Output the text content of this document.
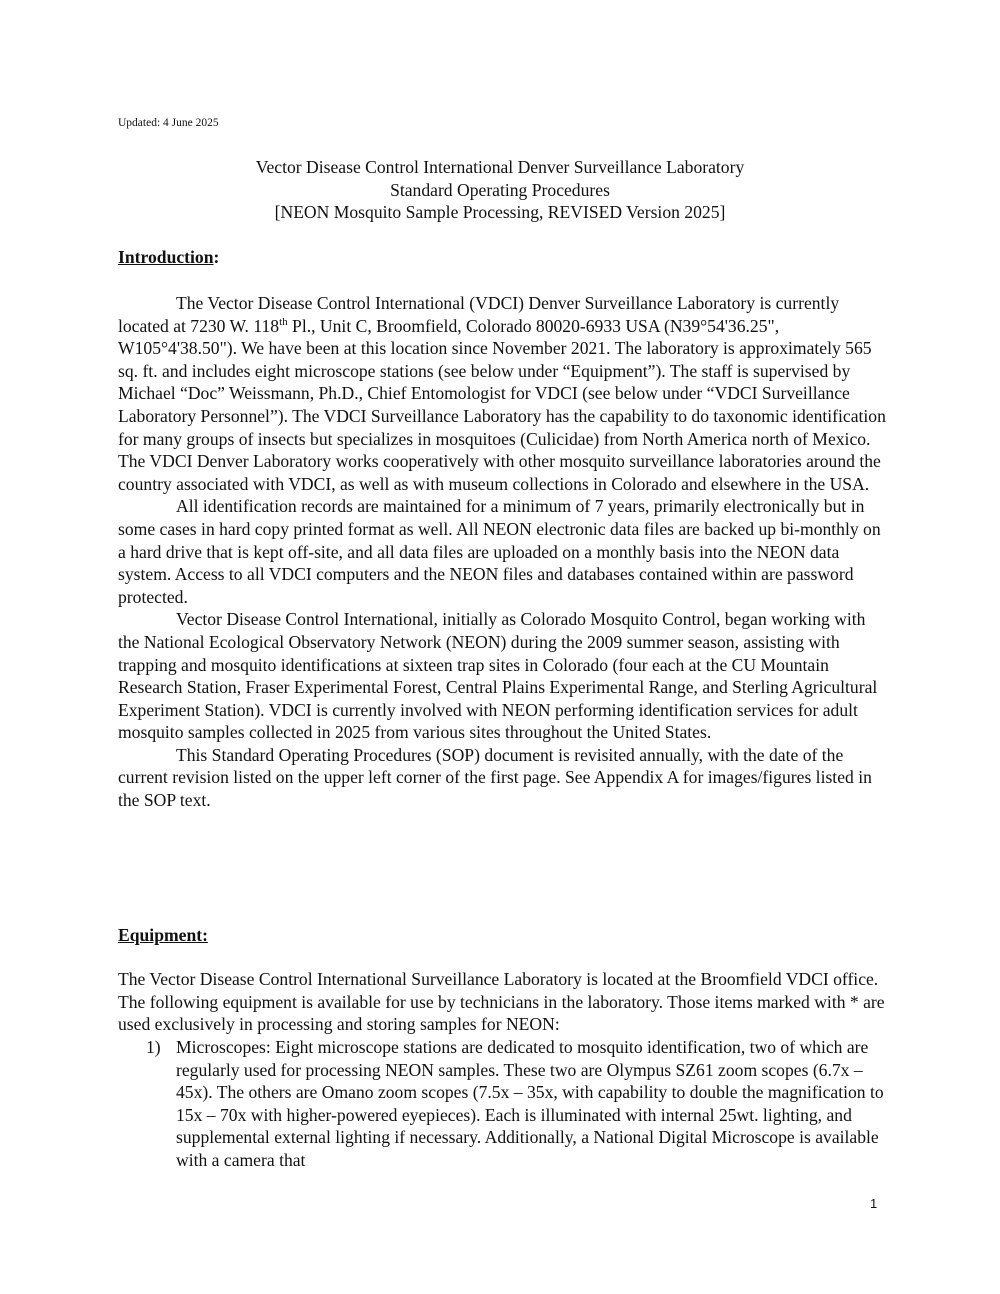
Updated: 4 June 2025
Vector Disease Control International Denver Surveillance Laboratory
Standard Operating Procedures
[NEON Mosquito Sample Processing, REVISED Version 2025]
Introduction:

The Vector Disease Control International (VDCI) Denver Surveillance Laboratory is currently located at 7230 W. 118th Pl., Unit C, Broomfield, Colorado 80020-6933 USA (N39°54'36.25", W105°4'38.50"). We have been at this location since November 2021. The laboratory is approximately 565 sq. ft. and includes eight microscope stations (see below under “Equipment”). The staff is supervised by Michael “Doc” Weissmann, Ph.D., Chief Entomologist for VDCI (see below under “VDCI Surveillance Laboratory Personnel”). The VDCI Surveillance Laboratory has the capability to do taxonomic identification for many groups of insects but specializes in mosquitoes (Culicidae) from North America north of Mexico. The VDCI Denver Laboratory works cooperatively with other mosquito surveillance laboratories around the country associated with VDCI, as well as with museum collections in Colorado and elsewhere in the USA.

All identification records are maintained for a minimum of 7 years, primarily electronically but in some cases in hard copy printed format as well. All NEON electronic data files are backed up bi-monthly on a hard drive that is kept off-site, and all data files are uploaded on a monthly basis into the NEON data system. Access to all VDCI computers and the NEON files and databases contained within are password protected.

Vector Disease Control International, initially as Colorado Mosquito Control, began working with the National Ecological Observatory Network (NEON) during the 2009 summer season, assisting with trapping and mosquito identifications at sixteen trap sites in Colorado (four each at the CU Mountain Research Station, Fraser Experimental Forest, Central Plains Experimental Range, and Sterling Agricultural Experiment Station). VDCI is currently involved with NEON performing identification services for adult mosquito samples collected in 2025 from various sites throughout the United States.

This Standard Operating Procedures (SOP) document is revisited annually, with the date of the current revision listed on the upper left corner of the first page. See Appendix A for images/figures listed in the SOP text.

Equipment:

The Vector Disease Control International Surveillance Laboratory is located at the Broomfield VDCI office. The following equipment is available for use by technicians in the laboratory. Those items marked with * are used exclusively in processing and storing samples for NEON:

1) Microscopes: Eight microscope stations are dedicated to mosquito identification, two of which are regularly used for processing NEON samples. These two are Olympus SZ61 zoom scopes (6.7x – 45x). The others are Omano zoom scopes (7.5x – 35x, with capability to double the magnification to 15x – 70x with higher-powered eyepieces). Each is illuminated with internal 25wt. lighting, and supplemental external lighting if necessary. Additionally, a National Digital Microscope is available with a camera that
1
